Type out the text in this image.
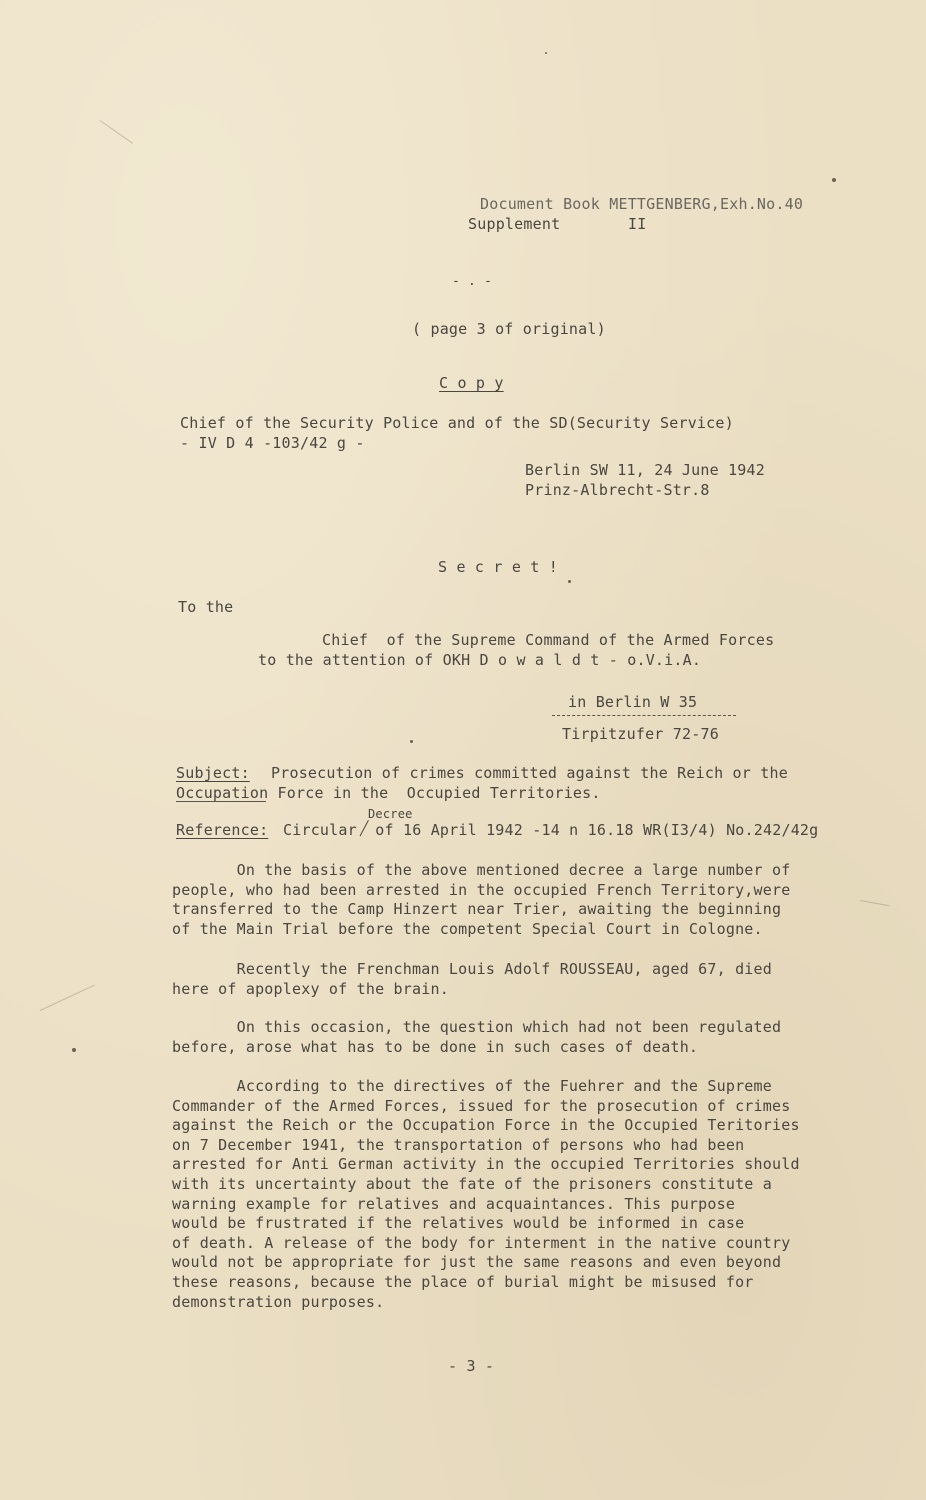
Document Book METTGENBERG,Exh.No.40
Supplement	II
- . -
( page 3 of original)
C o p y
Chief of the Security Police and of the SD(Security Service)
- IV D 4 -103/42 g -
Berlin SW 11, 24 June 1942
Prinz-Albrecht-Str.8
S e c r e t !
To the
Chief  of the Supreme Command of the Armed Forces
to the attention of OKH D o w a l d t - o.V.i.A.
in Berlin W 35
Tirpitzufer 72-76
Subject: Prosecution of crimes committed against the Reich or the
Occupation Force in the  Occupied Territories.
Decree
Reference: Circular  of 16 April 1942 -14 n 16.18 WR(I3/4) No.242/42g
On the basis of the above mentioned decree a large number of
people, who had been arrested in the occupied French Territory,were
transferred to the Camp Hinzert near Trier, awaiting the beginning
of the Main Trial before the competent Special Court in Cologne.
Recently the Frenchman Louis Adolf ROUSSEAU, aged 67, died
here of apoplexy of the brain.
On this occasion, the question which had not been regulated
before, arose what has to be done in such cases of death.
According to the directives of the Fuehrer and the Supreme
Commander of the Armed Forces, issued for the prosecution of crimes
against the Reich or the Occupation Force in the Occupied Teritories
on 7 December 1941, the transportation of persons who had been
arrested for Anti German activity in the occupied Territories should
with its uncertainty about the fate of the prisoners constitute a
warning example for relatives and acquaintances. This purpose
would be frustrated if the relatives would be informed in case
of death. A release of the body for interment in the native country
would not be appropriate for just the same reasons and even beyond
these reasons, because the place of burial might be misused for
demonstration purposes.
- 3 -
